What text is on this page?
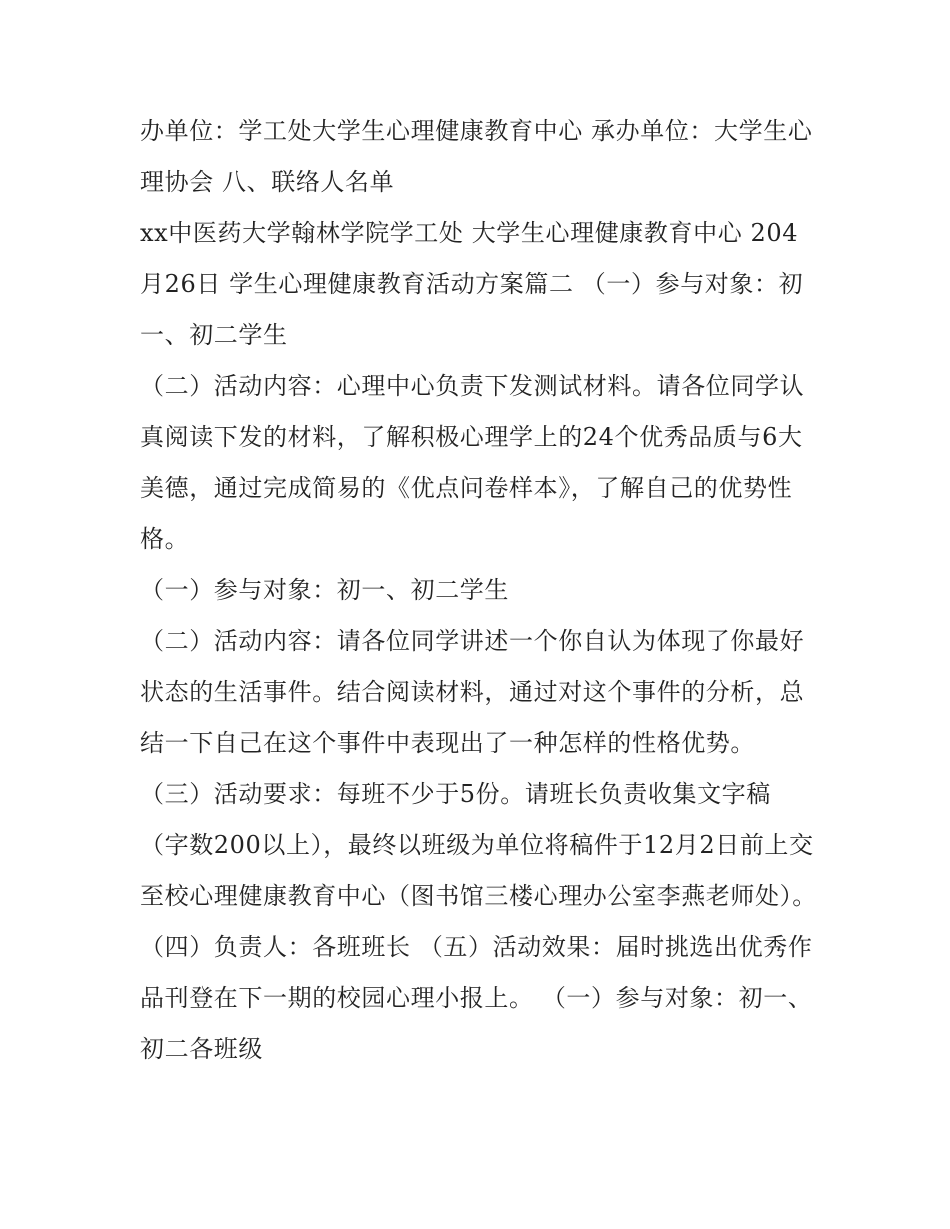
办单位：学工处大学生心理健康教育中心 承办单位：大学生心理协会 八、联络人名单

xx中医药大学翰林学院学工处 大学生心理健康教育中心 204月26日 学生心理健康教育活动方案篇二 （一）参与对象：初一、初二学生

（二）活动内容：心理中心负责下发测试材料。请各位同学认真阅读下发的材料，了解积极心理学上的24个优秀品质与6大美德，通过完成简易的《优点问卷样本》，了解自己的优势性格。

（一）参与对象：初一、初二学生

（二）活动内容：请各位同学讲述一个你自认为体现了你最好状态的生活事件。结合阅读材料，通过对这个事件的分析，总结一下自己在这个事件中表现出了一种怎样的性格优势。

（三）活动要求：每班不少于5份。请班长负责收集文字稿（字数200以上），最终以班级为单位将稿件于12月2日前上交至校心理健康教育中心（图书馆三楼心理办公室李燕老师处）。

（四）负责人：各班班长 （五）活动效果：届时挑选出优秀作品刊登在下一期的校园心理小报上。 （一）参与对象：初一、初二各班级
